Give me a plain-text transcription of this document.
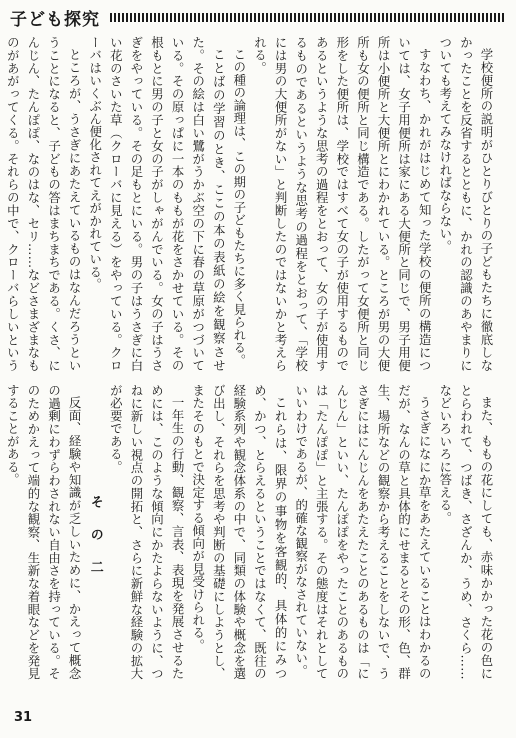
子ども探究

学校便所の説明がひとりびとりの子どもたちに徹底しなかったことを反省するとともに、かれの認識のあやまりについても考えてみなければならない。

すなわち、かれがはじめて知った学校の便所の構造については、女子用便所は家にある大便所と同じで、男子用便所は小便所と大便所とにわかれている。ところが男の大便所も女の便所と同じ構造である。したがって女便所と同じ形をした便所は、学校ではすべて女の子が使用するものであるというような思考の過程をとおって、女の子が使用するものであるというような思考の過程をとおって、「学校には男の大便所がない」と判断したのではないかと考えられる。

この種の論理は、この期の子どもたちに多く見られる。

ことばの学習のとき、ここの本の表紙の絵を観察させた。その絵は白い鷺がうかぶ空の下に春の草原がつづいている。その原っぱに一本のももが花をさかせている。その根もとに男の子と女の子がしゃがんでいる。女の子はうさぎをやっている。その足もとにいる。男の子はうさぎに白い花のさいた草（クローバに見える）をやっている。クローバはいくぶん便化されてえがかれている。

ところが、うさぎにあたえているものはなんだろうということになると、子どもの答はまちまちである。くさ、にんじん、たんぽぽ、なのはな、セリ……などさまざまなものがあがってくる。それらの中で、クローバらしいという

また、ももの花にしても、赤味かかった花の色にとらわれて、つばき、さざんか、うめ、さくら……などいろいろに答える。

うさぎになにか草をあたえていることはわかるのだが、なんの草と具体的にせまるとその形、色、群生、場所などの観察から考えることをしないで、うさぎにはにんじんをあたえたことのあるものは「にんじん」といい、たんぽぽをやったことのあるものは「たんぽぽ」と主張する。その態度はそれとしていいわけであるが、的確な観察がなされていない。

これらは、限界の事物を客観的、具体的にみつめ、かつ、とらえるということではなくて、既往の経験系列や観念体系の中で、同類の体験や概念を選び出し、それらを思考や判断の基礎にしようとし、またそのもとで決定する傾向が見受けられる。

一年生の行動、観察、言表、表現を発展させるためには、このような傾向にかたよらないように、つねに新しい視点の開拓と、さらに新鮮な経験の拡大が必要である。

その二

反面、経験や知識が乏しいために、かえって概念の過剰にわずらわされない自由さを持っている。そのためかえって端的な観察、生新な着眼などを発見することがある。

31
